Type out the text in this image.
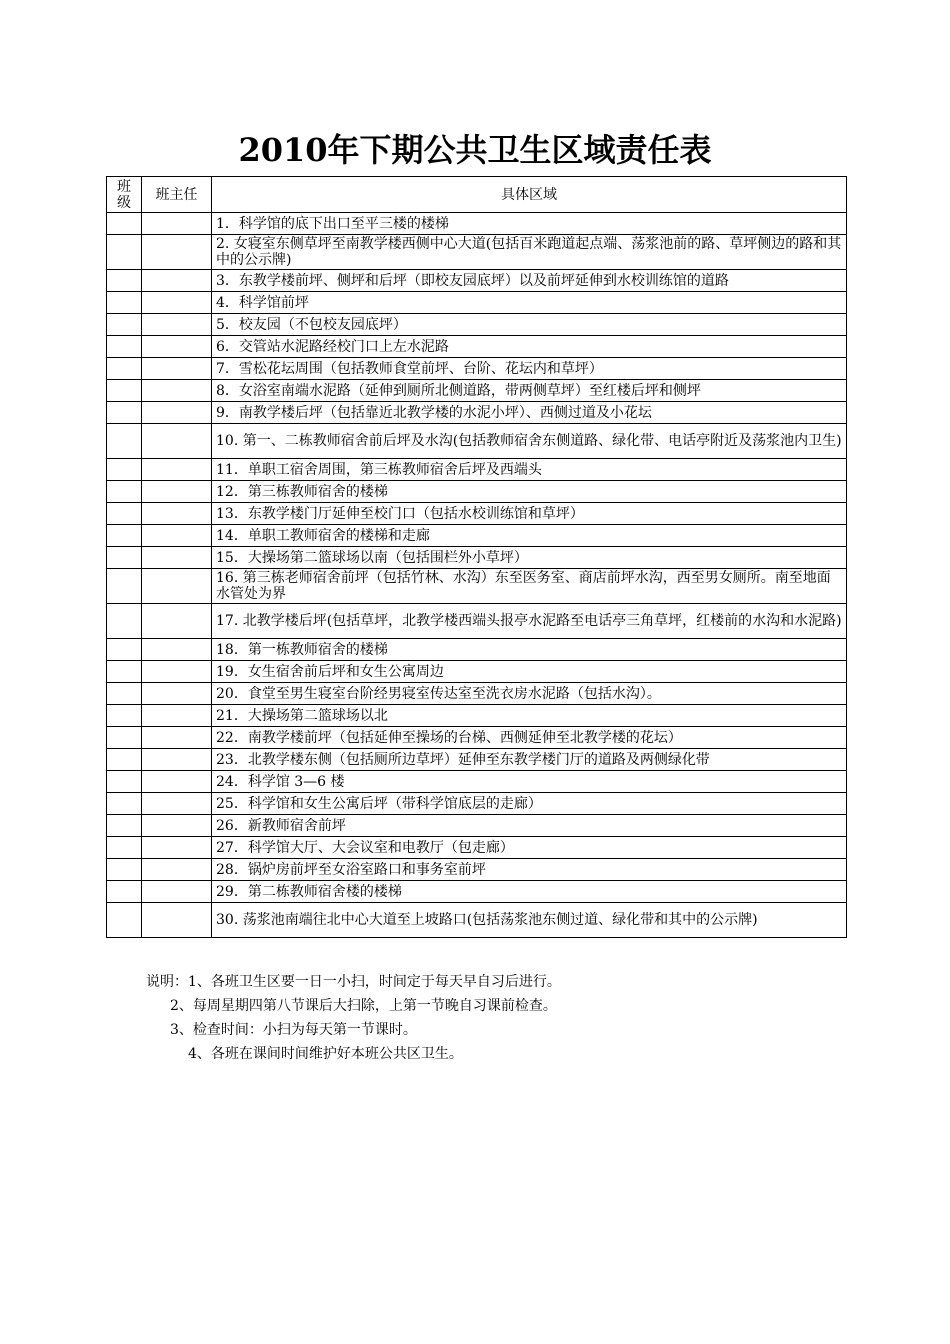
2010年下期公共卫生区域责任表
班级	班主任	具体区域
		1．科学馆的底下出口至平三楼的楼梯
		2. 女寝室东侧草坪至南教学楼西侧中心大道(包括百米跑道起点端、荡浆池前的路、草坪侧边的路和其中的公示牌)
		3．东教学楼前坪、侧坪和后坪（即校友园底坪）以及前坪延伸到水校训练馆的道路
		4．科学馆前坪
		5．校友园（不包校友园底坪）
		6．交管站水泥路经校门口上左水泥路
		7．雪松花坛周围（包括教师食堂前坪、台阶、花坛内和草坪）
		8．女浴室南端水泥路（延伸到厕所北侧道路，带两侧草坪）至红楼后坪和侧坪
		9．南教学楼后坪（包括靠近北教学楼的水泥小坪）、西侧过道及小花坛
		10. 第一、二栋教师宿舍前后坪及水沟(包括教师宿舍东侧道路、绿化带、电话亭附近及荡浆池内卫生)
		11．单职工宿舍周围，第三栋教师宿舍后坪及西端头
		12．第三栋教师宿舍的楼梯
		13．东教学楼门厅延伸至校门口（包括水校训练馆和草坪）
		14．单职工教师宿舍的楼梯和走廊
		15．大操场第二篮球场以南（包括围栏外小草坪）
		16. 第三栋老师宿舍前坪（包括竹林、水沟）东至医务室、商店前坪水沟，西至男女厕所。南至地面水管处为界
		17. 北教学楼后坪(包括草坪，北教学楼西端头报亭水泥路至电话亭三角草坪，红楼前的水沟和水泥路)
		18．第一栋教师宿舍的楼梯
		19．女生宿舍前后坪和女生公寓周边
		20．食堂至男生寝室台阶经男寝室传达室至洗衣房水泥路（包括水沟）。
		21．大操场第二篮球场以北
		22．南教学楼前坪（包括延伸至操场的台梯、西侧延伸至北教学楼的花坛）
		23．北教学楼东侧（包括厕所边草坪）延伸至东教学楼门厅的道路及两侧绿化带
		24．科学馆 3—6 楼
		25．科学馆和女生公寓后坪（带科学馆底层的走廊）
		26．新教师宿舍前坪
		27．科学馆大厅、大会议室和电教厅（包走廊）
		28．锅炉房前坪至女浴室路口和事务室前坪
		29．第二栋教师宿舍楼的楼梯
		30. 荡浆池南端往北中心大道至上坡路口(包括荡浆池东侧过道、绿化带和其中的公示牌)
说明：1、各班卫生区要一日一小扫，时间定于每天早自习后进行。
2、每周星期四第八节课后大扫除，上第一节晚自习课前检查。
3、检查时间：小扫为每天第一节课时。
4、各班在课间时间维护好本班公共区卫生。
